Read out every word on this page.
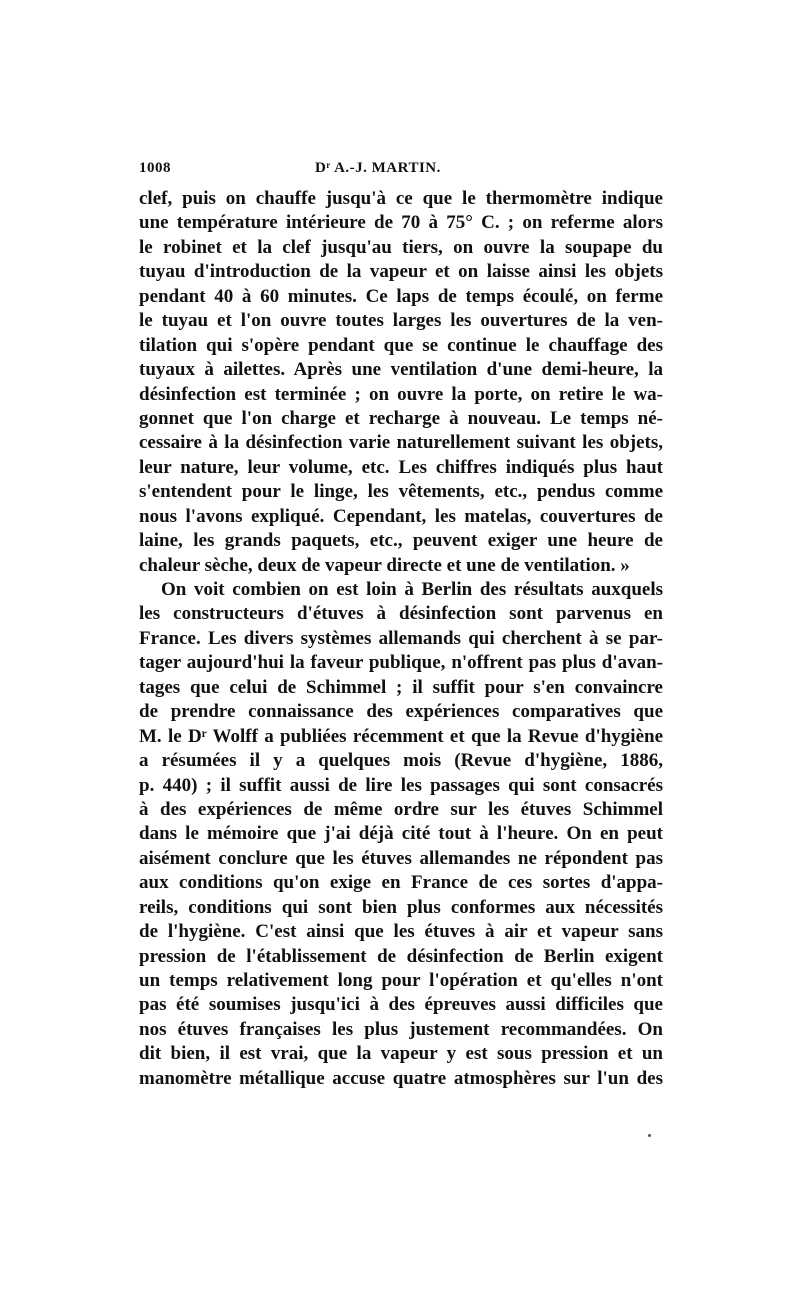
1008	Dʳ A.-J. MARTIN.
clef, puis on chauffe jusqu'à ce que le thermomètre indique
une température intérieure de 70 à 75° C. ; on referme alors
le robinet et la clef jusqu'au tiers, on ouvre la soupape du
tuyau d'introduction de la vapeur et on laisse ainsi les objets
pendant 40 à 60 minutes. Ce laps de temps écoulé, on ferme
le tuyau et l'on ouvre toutes larges les ouvertures de la ven-
tilation qui s'opère pendant que se continue le chauffage des
tuyaux à ailettes. Après une ventilation d'une demi-heure, la
désinfection est terminée ; on ouvre la porte, on retire le wa-
gonnet que l'on charge et recharge à nouveau. Le temps né-
cessaire à la désinfection varie naturellement suivant les objets,
leur nature, leur volume, etc. Les chiffres indiqués plus haut
s'entendent pour le linge, les vêtements, etc., pendus comme
nous l'avons expliqué. Cependant, les matelas, couvertures de
laine, les grands paquets, etc., peuvent exiger une heure de
chaleur sèche, deux de vapeur directe et une de ventilation. »
On voit combien on est loin à Berlin des résultats auxquels
les constructeurs d'étuves à désinfection sont parvenus en
France. Les divers systèmes allemands qui cherchent à se par-
tager aujourd'hui la faveur publique, n'offrent pas plus d'avan-
tages que celui de Schimmel ; il suffit pour s'en convaincre
de prendre connaissance des expériences comparatives que
M. le Dʳ Wolff a publiées récemment et que la Revue d'hygiène
a résumées il y a quelques mois (Revue d'hygiène, 1886,
p. 440) ; il suffit aussi de lire les passages qui sont consacrés
à des expériences de même ordre sur les étuves Schimmel
dans le mémoire que j'ai déjà cité tout à l'heure. On en peut
aisément conclure que les étuves allemandes ne répondent pas
aux conditions qu'on exige en France de ces sortes d'appa-
reils, conditions qui sont bien plus conformes aux nécessités
de l'hygiène. C'est ainsi que les étuves à air et vapeur sans
pression de l'établissement de désinfection de Berlin exigent
un temps relativement long pour l'opération et qu'elles n'ont
pas été soumises jusqu'ici à des épreuves aussi difficiles que
nos étuves françaises les plus justement recommandées. On
dit bien, il est vrai, que la vapeur y est sous pression et un
manomètre métallique accuse quatre atmosphères sur l'un des
